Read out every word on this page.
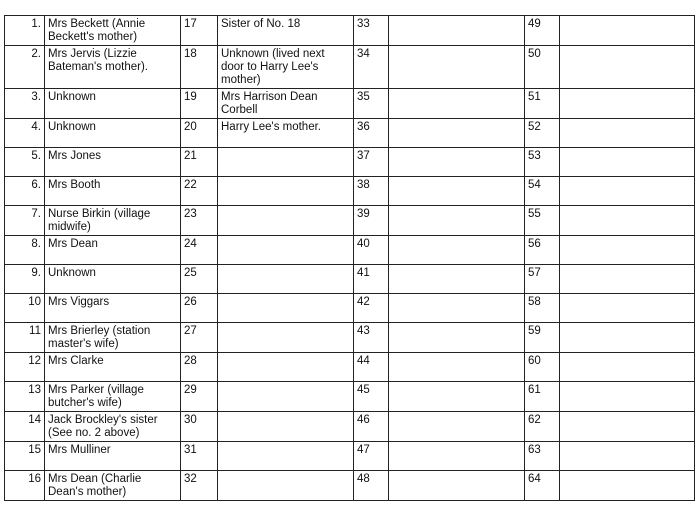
1.	Mrs Beckett (Annie Beckett's mother)	17	Sister of No. 18	33		49	
2.	Mrs Jervis (Lizzie Bateman's mother).	18	Unknown (lived next door to Harry Lee's mother)	34		50	
3.	Unknown	19	Mrs Harrison Dean Corbell	35		51	
4.	Unknown	20	Harry Lee's mother.	36		52	
5.	Mrs Jones	21		37		53	
6.	Mrs Booth	22		38		54	
7.	Nurse Birkin (village midwife)	23		39		55	
8.	Mrs Dean	24		40		56	
9.	Unknown	25		41		57	
10	Mrs Viggars	26		42		58	
11	Mrs Brierley (station master's wife)	27		43		59	
12	Mrs Clarke	28		44		60	
13	Mrs Parker (village butcher's wife)	29		45		61	
14	Jack Brockley's sister (See no. 2 above)	30		46		62	
15	Mrs Mulliner	31		47		63	
16	Mrs Dean (Charlie Dean's mother)	32		48		64	
